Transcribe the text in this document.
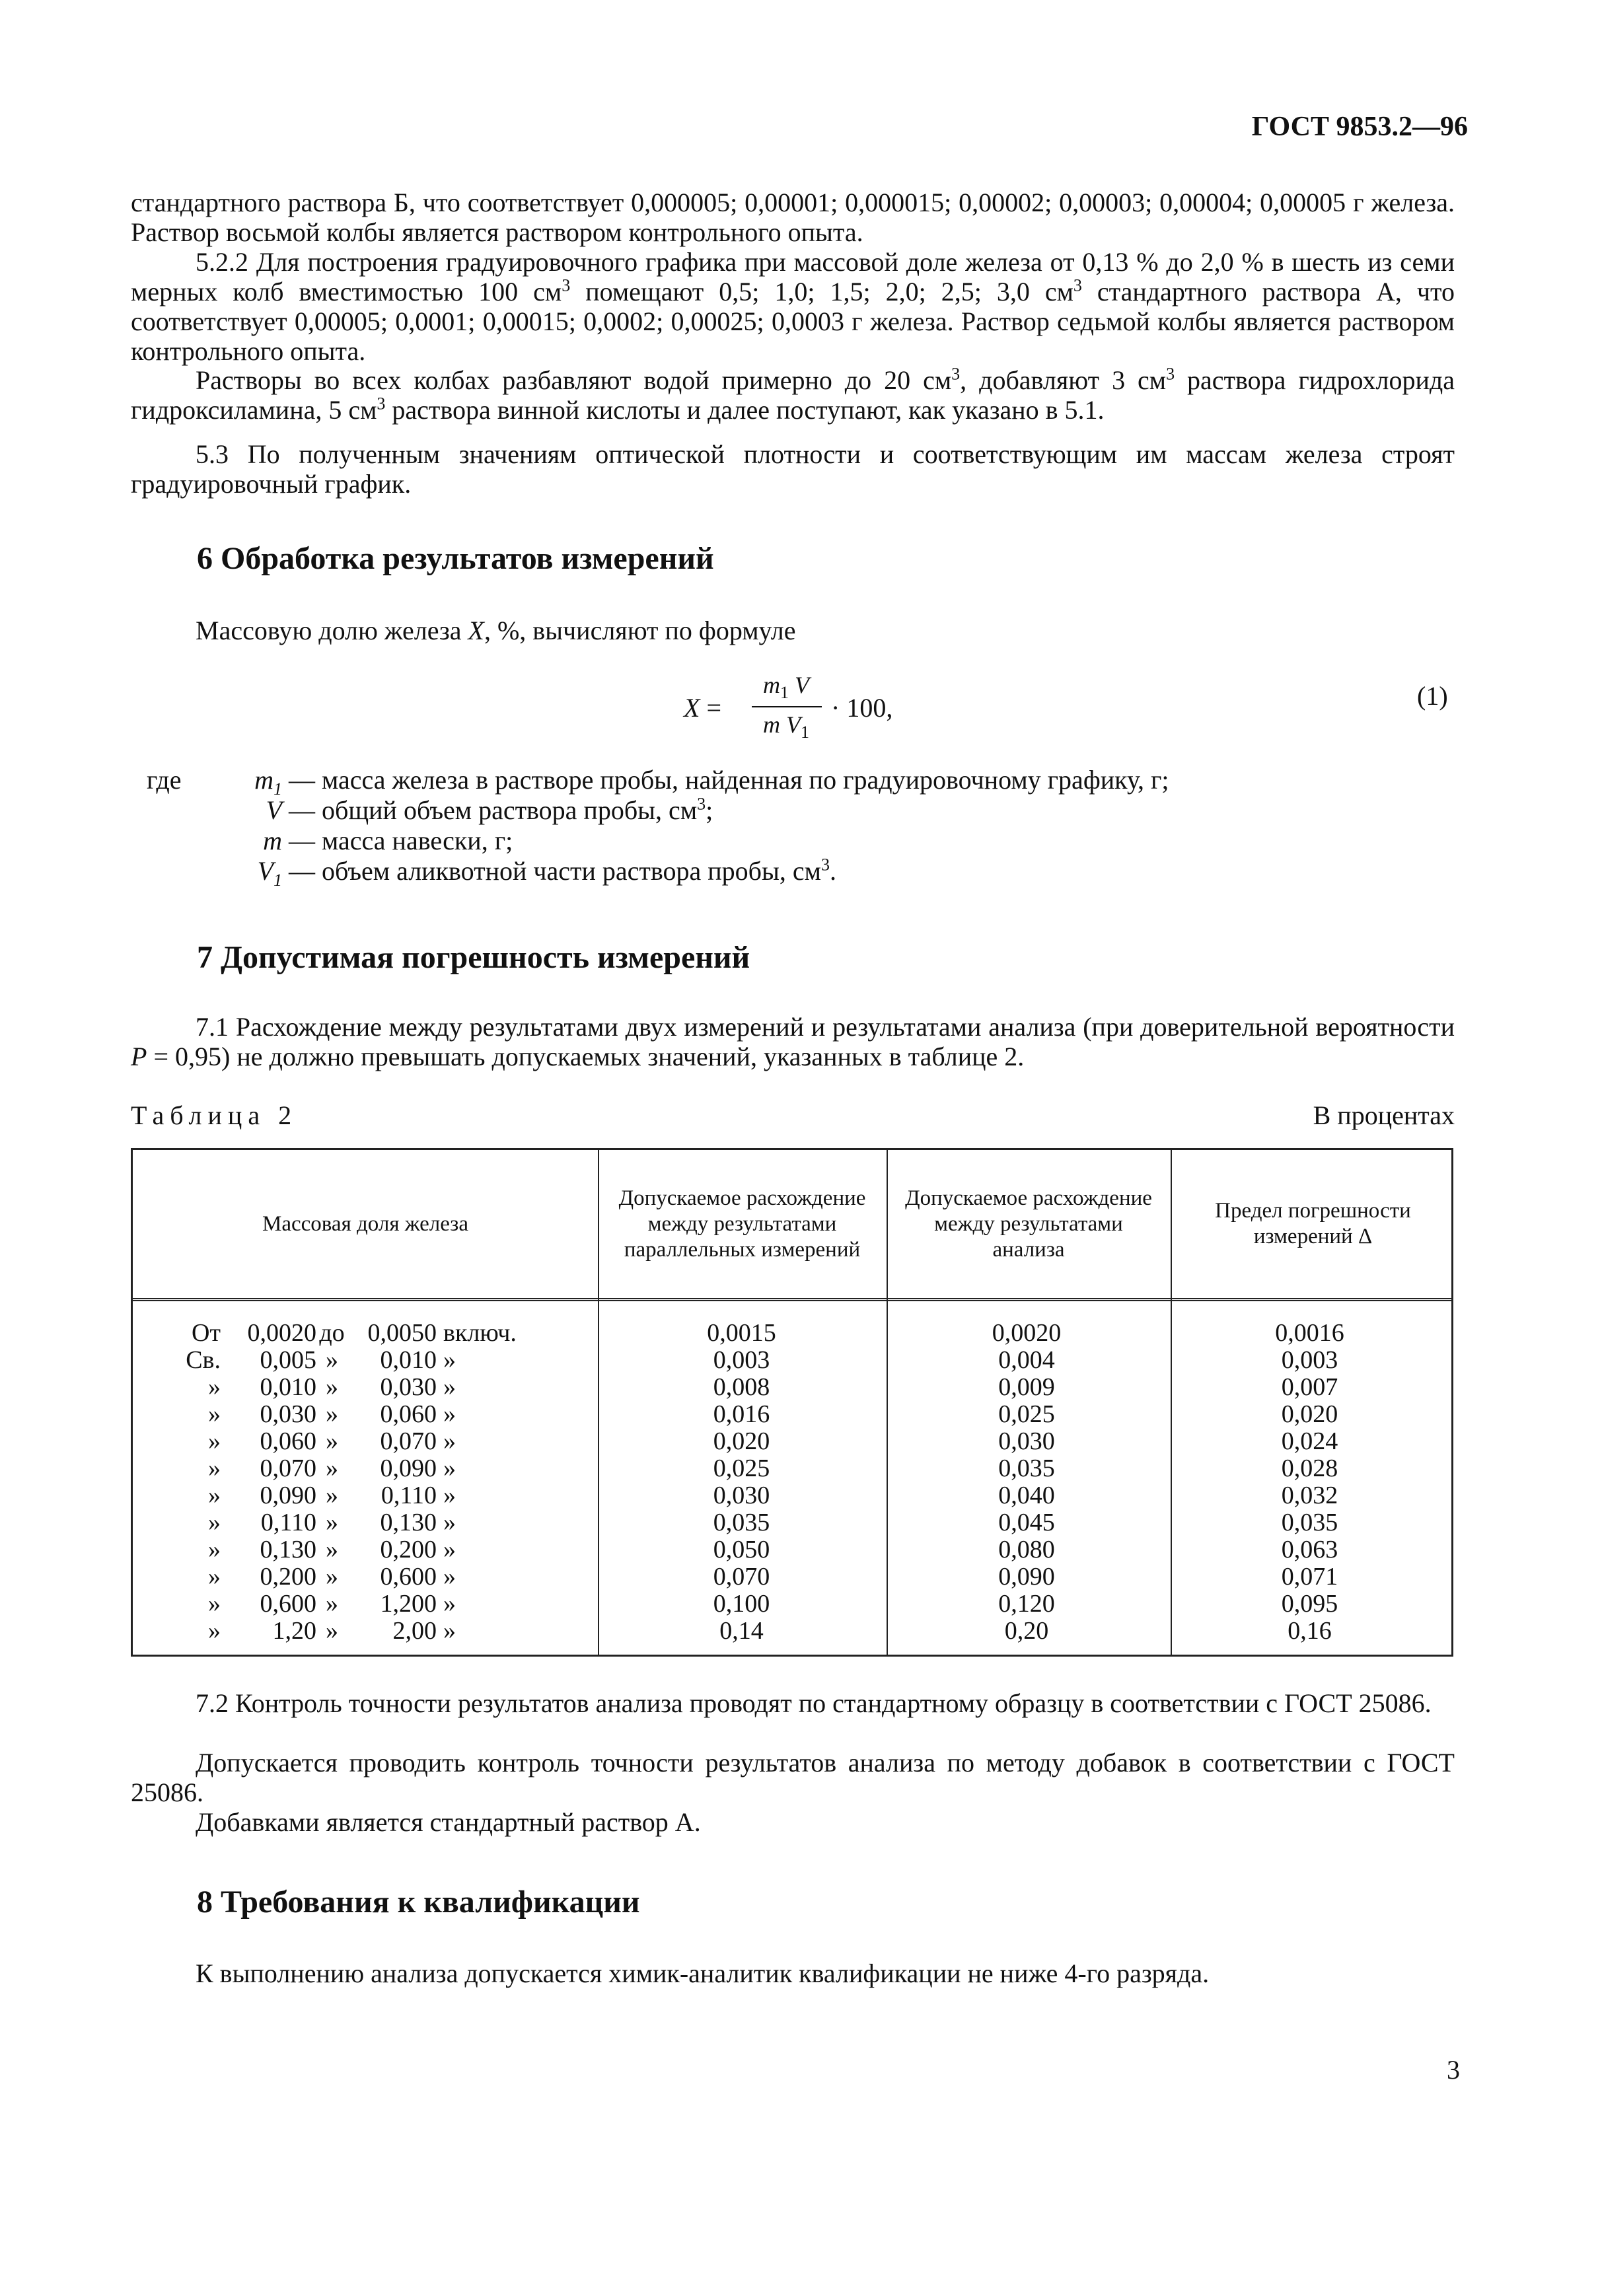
ГОСТ 9853.2—96

стандартного раствора Б, что соответствует 0,000005; 0,00001; 0,000015; 0,00002; 0,00003; 0,00004; 0,00005 г железа. Раствор восьмой колбы является раствором контрольного опыта.

5.2.2 Для построения градуировочного графика при массовой доле железа от 0,13 % до 2,0 % в шесть из семи мерных колб вместимостью 100 $см^3$ помещают 0,5; 1,0; 1,5; 2,0; 2,5; 3,0 $см^3$ стандартного раствора А, что соответствует 0,00005; 0,0001; 0,00015; 0,0002; 0,00025; 0,0003 г железа. Раствор седьмой колбы является раствором контрольного опыта.

Растворы во всех колбах разбавляют водой примерно до 20 $см^3$, добавляют 3 $см^3$ раствора гидрохлорида гидроксиламина, 5 $см^3$ раствора винной кислоты и далее поступают, как указано в 5.1.

5.3 По полученным значениям оптической плотности и соответствующим им массам железа строят градуировочный график.

6 Обработка результатов измерений

Массовую долю железа X, %, вычисляют по формуле

X =
$m_1$ V
m $V_1$
· 100,	(1)
где	$m_1$ — масса железа в растворе пробы, найденная по градуировочному графику, г;
V — общий объем раствора пробы, $см^3$;
m — масса навески, г;
$V_1$ — объем аликвотной части раствора пробы, $см^3$.
7 Допустимая погрешность измерений

7.1 Расхождение между результатами двух измерений и результатами анализа (при доверительной вероятности P = 0,95) не должно превышать допускаемых значений, указанных в таблице 2.

Таблица 2	В процентах
Массовая доля железа
Допускаемое расхождение между результатами параллельных измерений
Допускаемое расхождение между результатами анализа
Предел погрешности измерений Δ
От	0,0020 до 0,0050 включ.	0,0015	0,0020	0,0016
Св.	0,005 »	0,010 »	0,003	0,004	0,003
»	0,010 »	0,030 »	0,008	0,009	0,007
»	0,030 »	0,060 »	0,016	0,025	0,020
»	0,060 »	0,070 »	0,020	0,030	0,024
»	0,070 »	0,090 »	0,025	0,035	0,028
»	0,090 »	0,110 »	0,030	0,040	0,032
»	0,110 »	0,130 »	0,035	0,045	0,035
»	0,130 »	0,200 »	0,050	0,080	0,063
»	0,200 »	0,600 »	0,070	0,090	0,071
»	0,600 »	1,200 »	0,100	0,120	0,095
»	1,20 »	2,00 »	0,14	0,20	0,16

7.2 Контроль точности результатов анализа проводят по стандартному образцу в соответствии с ГОСТ 25086.

Допускается проводить контроль точности результатов анализа по методу добавок в соответствии с ГОСТ 25086.

Добавками является стандартный раствор А.

8 Требования к квалификации

К выполнению анализа допускается химик-аналитик квалификации не ниже 4-го разряда.

3
